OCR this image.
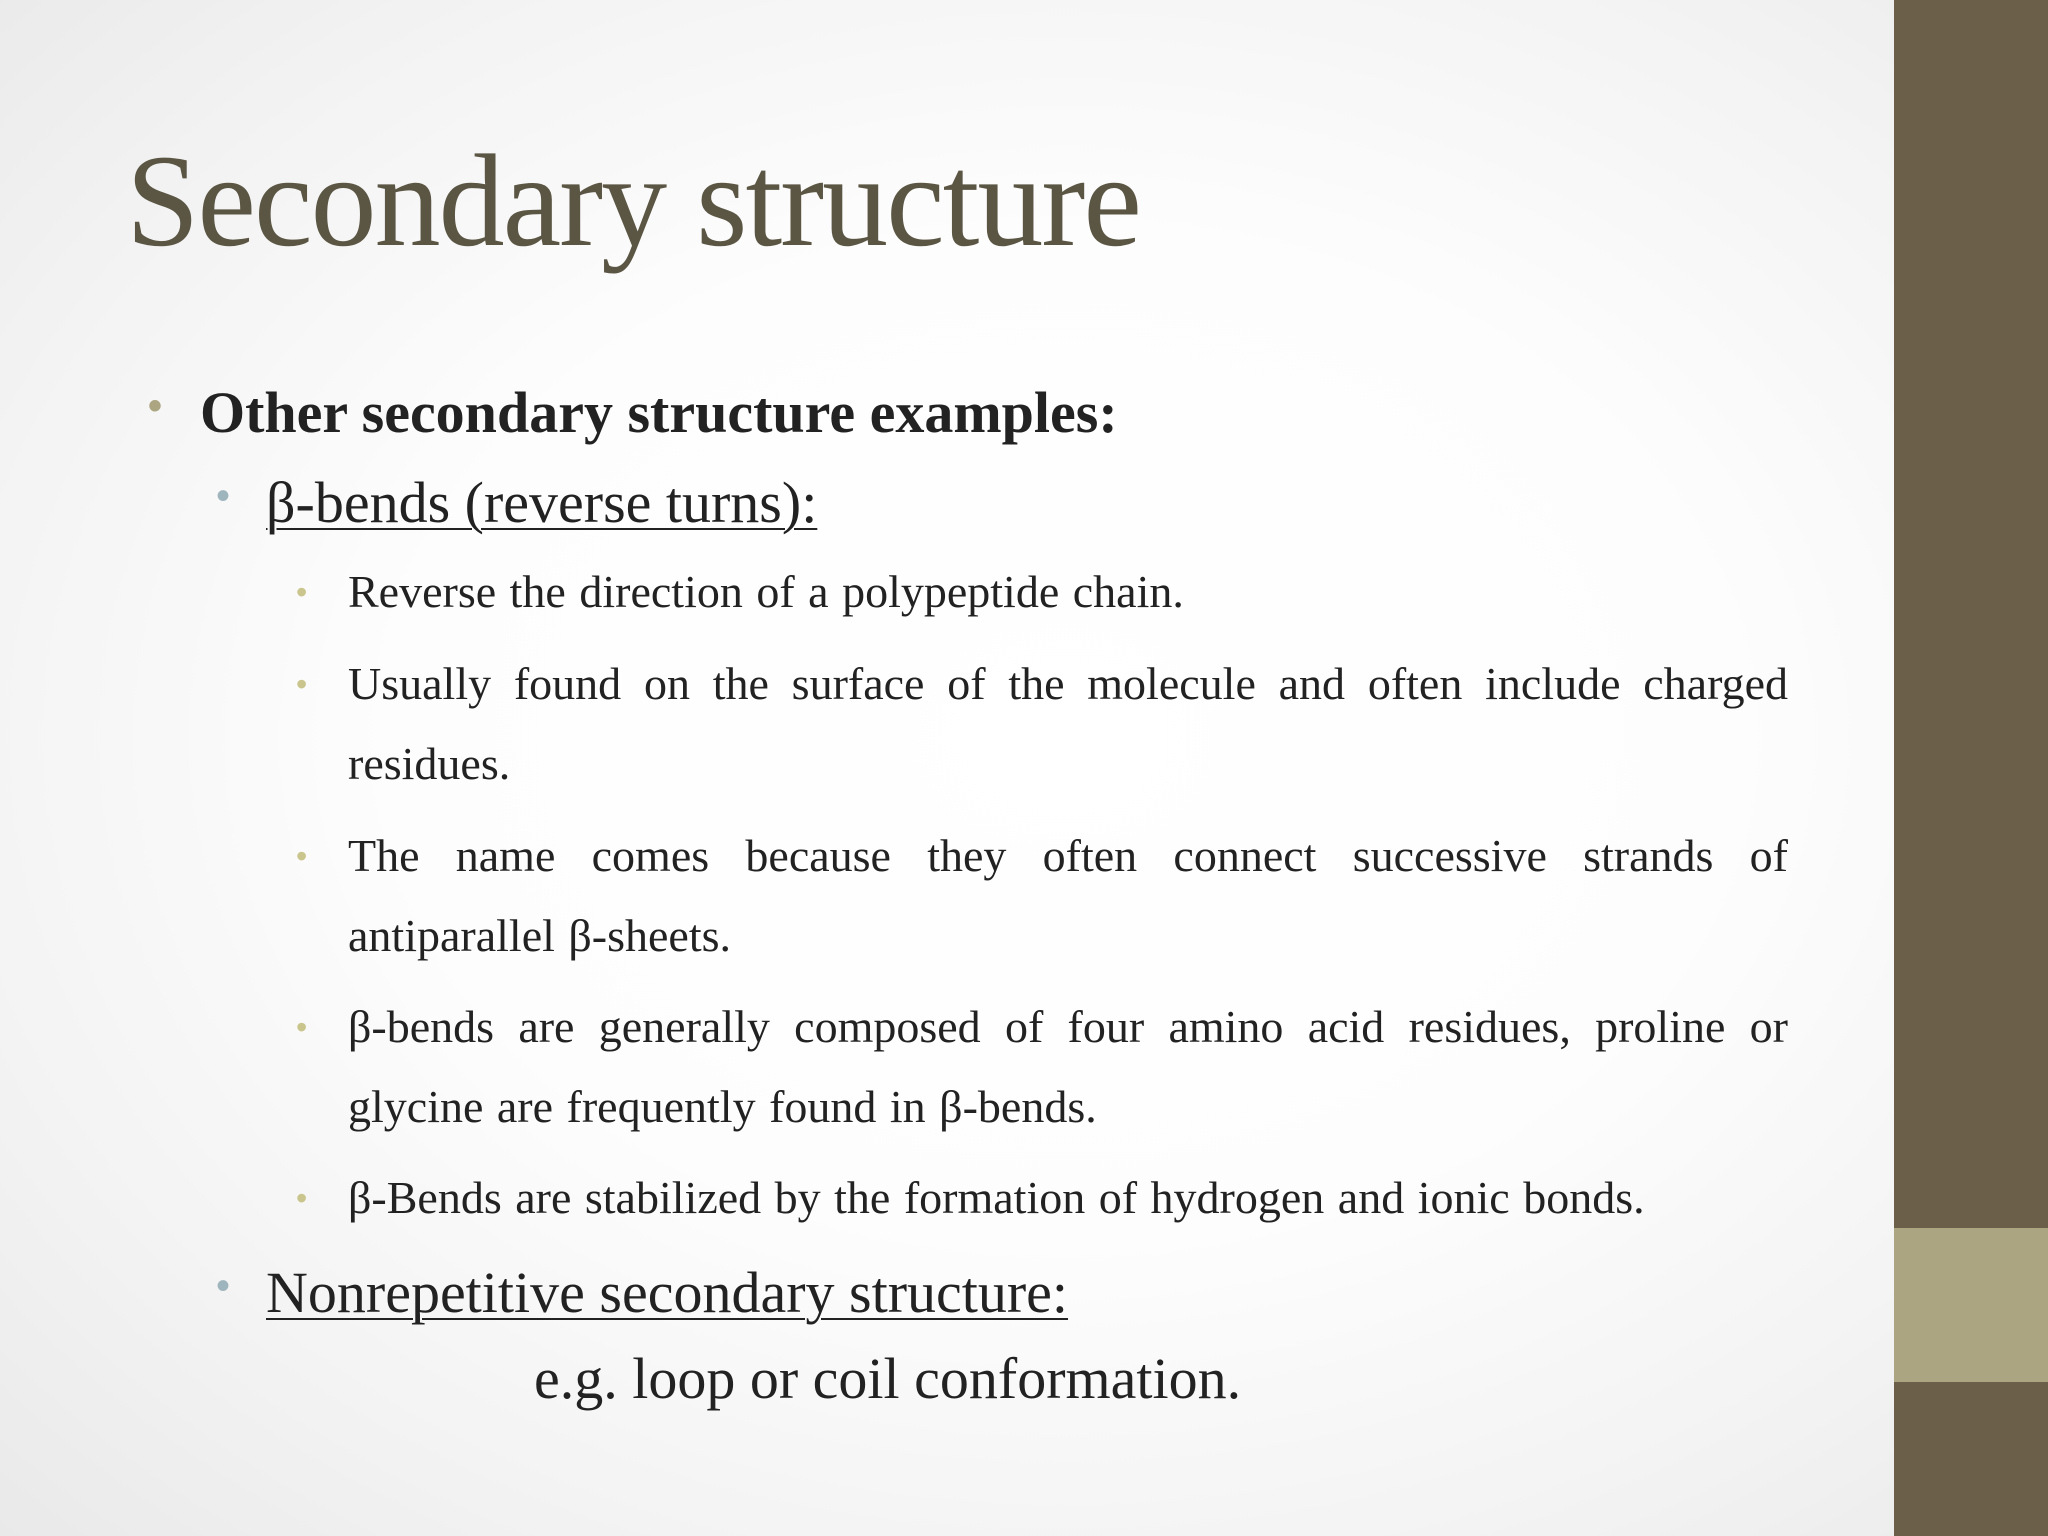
Secondary structure
• Other secondary structure examples:
• β-bends (reverse turns):
• Reverse the direction of a polypeptide chain.
• Usually found on the surface of the molecule and often include charged residues.
• The name comes because they often connect successive strands of antiparallel β-sheets.
• β-bends are generally composed of four amino acid residues, proline or glycine are frequently found in β-bends.
• β-Bends are stabilized by the formation of hydrogen and ionic bonds.
• Nonrepetitive secondary structure:
e.g. loop or coil conformation.
